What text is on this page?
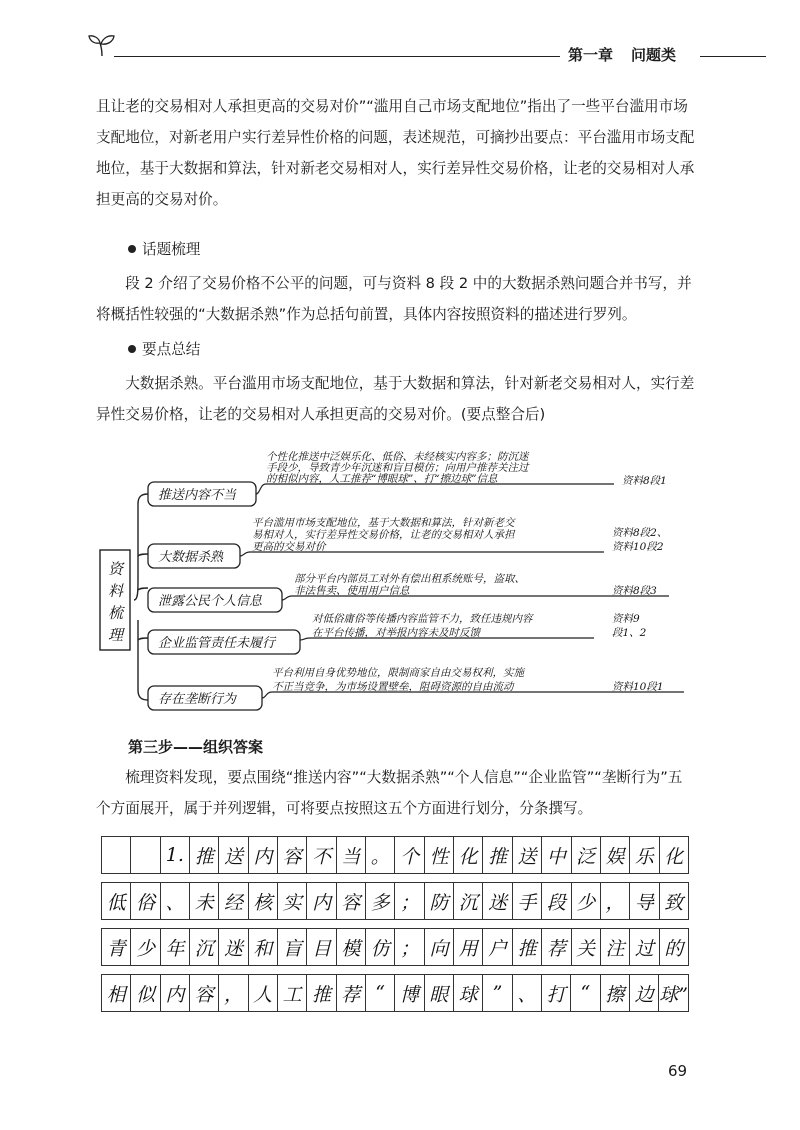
第一章 问题类

且让老的交易相对人承担更高的交易对价”“滥用自己市场支配地位”指出了一些平台滥用市场支配地位，对新老用户实行差异性价格的问题，表述规范，可摘抄出要点：平台滥用市场支配地位，基于大数据和算法，针对新老交易相对人，实行差异性交易价格，让老的交易相对人承担更高的交易对价。

话题梳理

段 2 介绍了交易价格不公平的问题，可与资料 8 段 2 中的大数据杀熟问题合并书写，并将概括性较强的“大数据杀熟”作为总括句前置，具体内容按照资料的描述进行罗列。

要点总结

大数据杀熟。平台滥用市场支配地位，基于大数据和算法，针对新老交易相对人，实行差异性交易价格，让老的交易相对人承担更高的交易对价。(要点整合后)

资
料
梳
理
推送内容不当
个性化推送中泛娱乐化、低俗、未经核实内容多；防沉迷
手段少，导致青少年沉迷和盲目模仿；向用户推荐关注过
的相似内容，人工推荐“博眼球”、打“擦边球”信息	资料8段1
大数据杀熟
平台滥用市场支配地位，基于大数据和算法，针对新老交
易相对人，实行差异性交易价格，让老的交易相对人承担
更高的交易对价
资料8段2、
资料10段2
泄露公民个人信息
部分平台内部员工对外有偿出租系统账号，盗取、
非法售卖、使用用户信息	资料8段3
企业监管责任未履行
对低俗庸俗等传播内容监管不力，致任违规内容
在平台传播，对举报内容未及时反馈
资料9
段1、2
存在垄断行为
平台利用自身优势地位，限制商家自由交易权利，实施
不正当竞争，为市场设置壁垒，阻碍资源的自由流动	资料10段1
第三步——组织答案

梳理资料发现，要点围绕“推送内容”“大数据杀熟”“个人信息”“企业监管”“垄断行为”五个方面展开，属于并列逻辑，可将要点按照这五个方面进行划分，分条撰写。

1. 推 送 内 容 不 当 。 个 性 化 推 送 中 泛 娱 乐 化
低 俗 、 未 经 核 实 内 容 多 ； 防 沉 迷 手 段 少 ， 导 致
青 少 年 沉 迷 和 盲 目 模 仿 ； 向 用 户 推 荐 关 注 过 的
相 似 内 容 ， 人 工 推 荐 “ 博 眼 球 ” 、 打 “ 擦 边 球”
69
